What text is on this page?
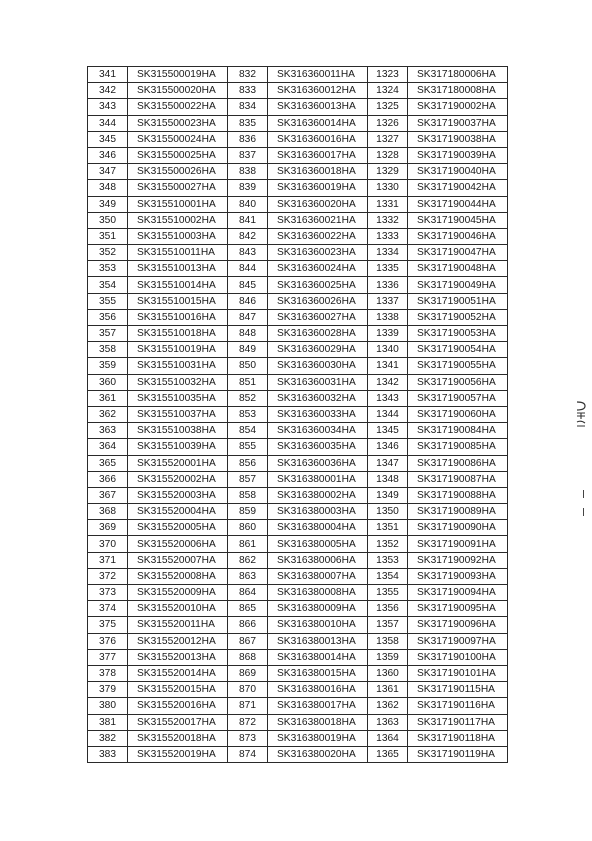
341	SK315500019HA	832	SK316360011HA	1323	SK317180006HA
342	SK315500020HA	833	SK316360012HA	1324	SK317180008HA
343	SK315500022HA	834	SK316360013HA	1325	SK317190002HA
344	SK315500023HA	835	SK316360014HA	1326	SK317190037HA
345	SK315500024HA	836	SK316360016HA	1327	SK317190038HA
346	SK315500025HA	837	SK316360017HA	1328	SK317190039HA
347	SK315500026HA	838	SK316360018HA	1329	SK317190040HA
348	SK315500027HA	839	SK316360019HA	1330	SK317190042HA
349	SK315510001HA	840	SK316360020HA	1331	SK317190044HA
350	SK315510002HA	841	SK316360021HA	1332	SK317190045HA
351	SK315510003HA	842	SK316360022HA	1333	SK317190046HA
352	SK315510011HA	843	SK316360023HA	1334	SK317190047HA
353	SK315510013HA	844	SK316360024HA	1335	SK317190048HA
354	SK315510014HA	845	SK316360025HA	1336	SK317190049HA
355	SK315510015HA	846	SK316360026HA	1337	SK317190051HA
356	SK315510016HA	847	SK316360027HA	1338	SK317190052HA
357	SK315510018HA	848	SK316360028HA	1339	SK317190053HA
358	SK315510019HA	849	SK316360029HA	1340	SK317190054HA
359	SK315510031HA	850	SK316360030HA	1341	SK317190055HA
360	SK315510032HA	851	SK316360031HA	1342	SK317190056HA
361	SK315510035HA	852	SK316360032HA	1343	SK317190057HA
362	SK315510037HA	853	SK316360033HA	1344	SK317190060HA
363	SK315510038HA	854	SK316360034HA	1345	SK317190084HA
364	SK315510039HA	855	SK316360035HA	1346	SK317190085HA
365	SK315520001HA	856	SK316360036HA	1347	SK317190086HA
366	SK315520002HA	857	SK316380001HA	1348	SK317190087HA
367	SK315520003HA	858	SK316380002HA	1349	SK317190088HA
368	SK315520004HA	859	SK316380003HA	1350	SK317190089HA
369	SK315520005HA	860	SK316380004HA	1351	SK317190090HA
370	SK315520006HA	861	SK316380005HA	1352	SK317190091HA
371	SK315520007HA	862	SK316380006HA	1353	SK317190092HA
372	SK315520008HA	863	SK316380007HA	1354	SK317190093HA
373	SK315520009HA	864	SK316380008HA	1355	SK317190094HA
374	SK315520010HA	865	SK316380009HA	1356	SK317190095HA
375	SK315520011HA	866	SK316380010HA	1357	SK317190096HA
376	SK315520012HA	867	SK316380013HA	1358	SK317190097HA
377	SK315520013HA	868	SK316380014HA	1359	SK317190100HA
378	SK315520014HA	869	SK316380015HA	1360	SK317190101HA
379	SK315520015HA	870	SK316380016HA	1361	SK317190115HA
380	SK315520016HA	871	SK316380017HA	1362	SK317190116HA
381	SK315520017HA	872	SK316380018HA	1363	SK317190117HA
382	SK315520018HA	873	SK316380019HA	1364	SK317190118HA
383	SK315520019HA	874	SK316380020HA	1365	SK317190119HA
